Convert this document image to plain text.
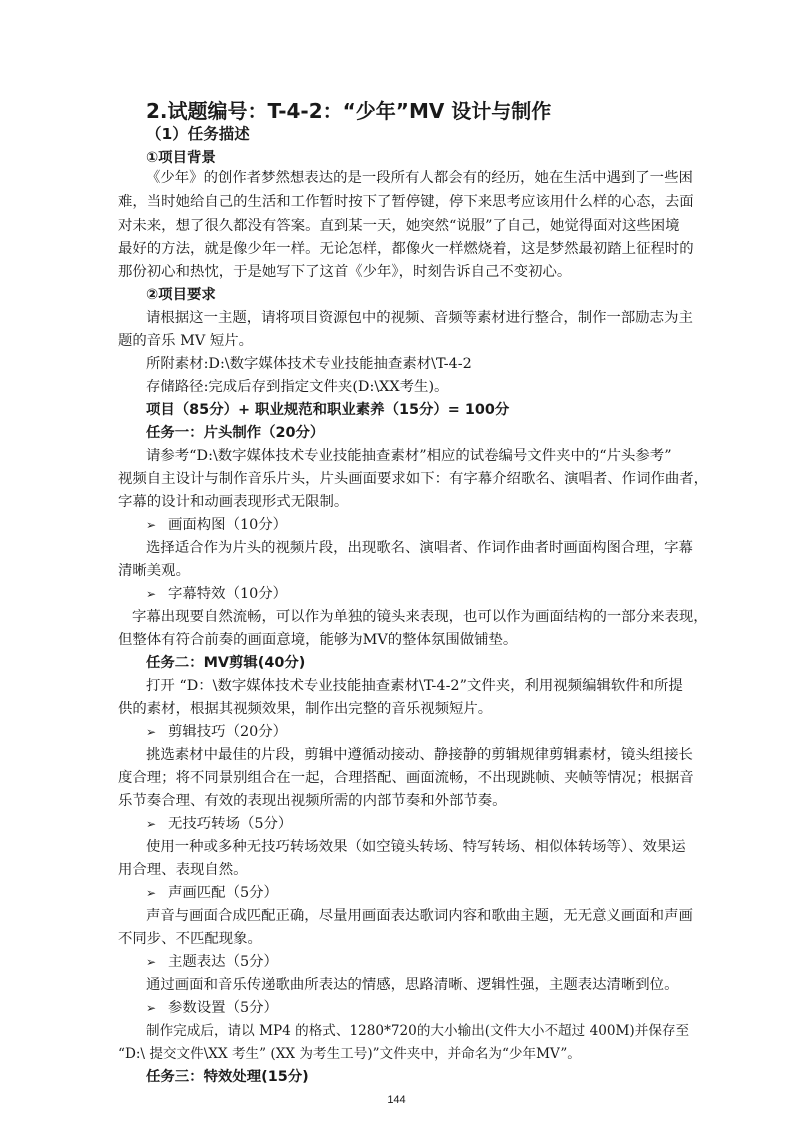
2.试题编号：T-4-2：“少年”MV 设计与制作
（1）任务描述
①项目背景
《少年》的创作者梦然想表达的是一段所有人都会有的经历，她在生活中遇到了一些困
难，当时她给自己的生活和工作暂时按下了暂停键，停下来思考应该用什么样的心态，去面
对未来，想了很久都没有答案。直到某一天，她突然“说服”了自己，她觉得面对这些困境
最好的方法，就是像少年一样。无论怎样，都像火一样燃烧着，这是梦然最初踏上征程时的
那份初心和热忱，于是她写下了这首《少年》，时刻告诉自己不变初心。
②项目要求
请根据这一主题，请将项目资源包中的视频、音频等素材进行整合，制作一部励志为主
题的音乐 MV 短片。
所附素材:D:\数字媒体技术专业技能抽查素材\T-4-2
存储路径:完成后存到指定文件夹(D:\XX考生)。
项目（85分）+ 职业规范和职业素养（15分）= 100分
任务一：片头制作（20分）
请参考“D:\数字媒体技术专业技能抽查素材”相应的试卷编号文件夹中的“片头参考”
视频自主设计与制作音乐片头，片头画面要求如下：有字幕介绍歌名、演唱者、作词作曲者，
字幕的设计和动画表现形式无限制。
➢ 画面构图（10分）
选择适合作为片头的视频片段，出现歌名、演唱者、作词作曲者时画面构图合理，字幕
清晰美观。
➢ 字幕特效（10分）
字幕出现要自然流畅，可以作为单独的镜头来表现，也可以作为画面结构的一部分来表现，
但整体有符合前奏的画面意境，能够为MV的整体氛围做铺垫。
任务二：MV剪辑(40分)
打开 “D：\数字媒体技术专业技能抽查素材\T-4-2”文件夹，利用视频编辑软件和所提
供的素材，根据其视频效果，制作出完整的音乐视频短片。
➢ 剪辑技巧（20分）
挑选素材中最佳的片段，剪辑中遵循动接动、静接静的剪辑规律剪辑素材，镜头组接长
度合理；将不同景别组合在一起，合理搭配、画面流畅，不出现跳帧、夹帧等情况；根据音
乐节奏合理、有效的表现出视频所需的内部节奏和外部节奏。
➢ 无技巧转场（5分）
使用一种或多种无技巧转场效果（如空镜头转场、特写转场、相似体转场等）、效果运
用合理、表现自然。
➢ 声画匹配（5分）
声音与画面合成匹配正确，尽量用画面表达歌词内容和歌曲主题，无无意义画面和声画
不同步、不匹配现象。
➢ 主题表达（5分）
通过画面和音乐传递歌曲所表达的情感，思路清晰、逻辑性强，主题表达清晰到位。
➢ 参数设置（5分）
制作完成后，请以 MP4 的格式、1280*720的大小输出(文件大小不超过 400M)并保存至
“D:\ 提交文件\XX 考生” (XX 为考生工号)”文件夹中，并命名为“少年MV”。
任务三：特效处理(15分)
144
